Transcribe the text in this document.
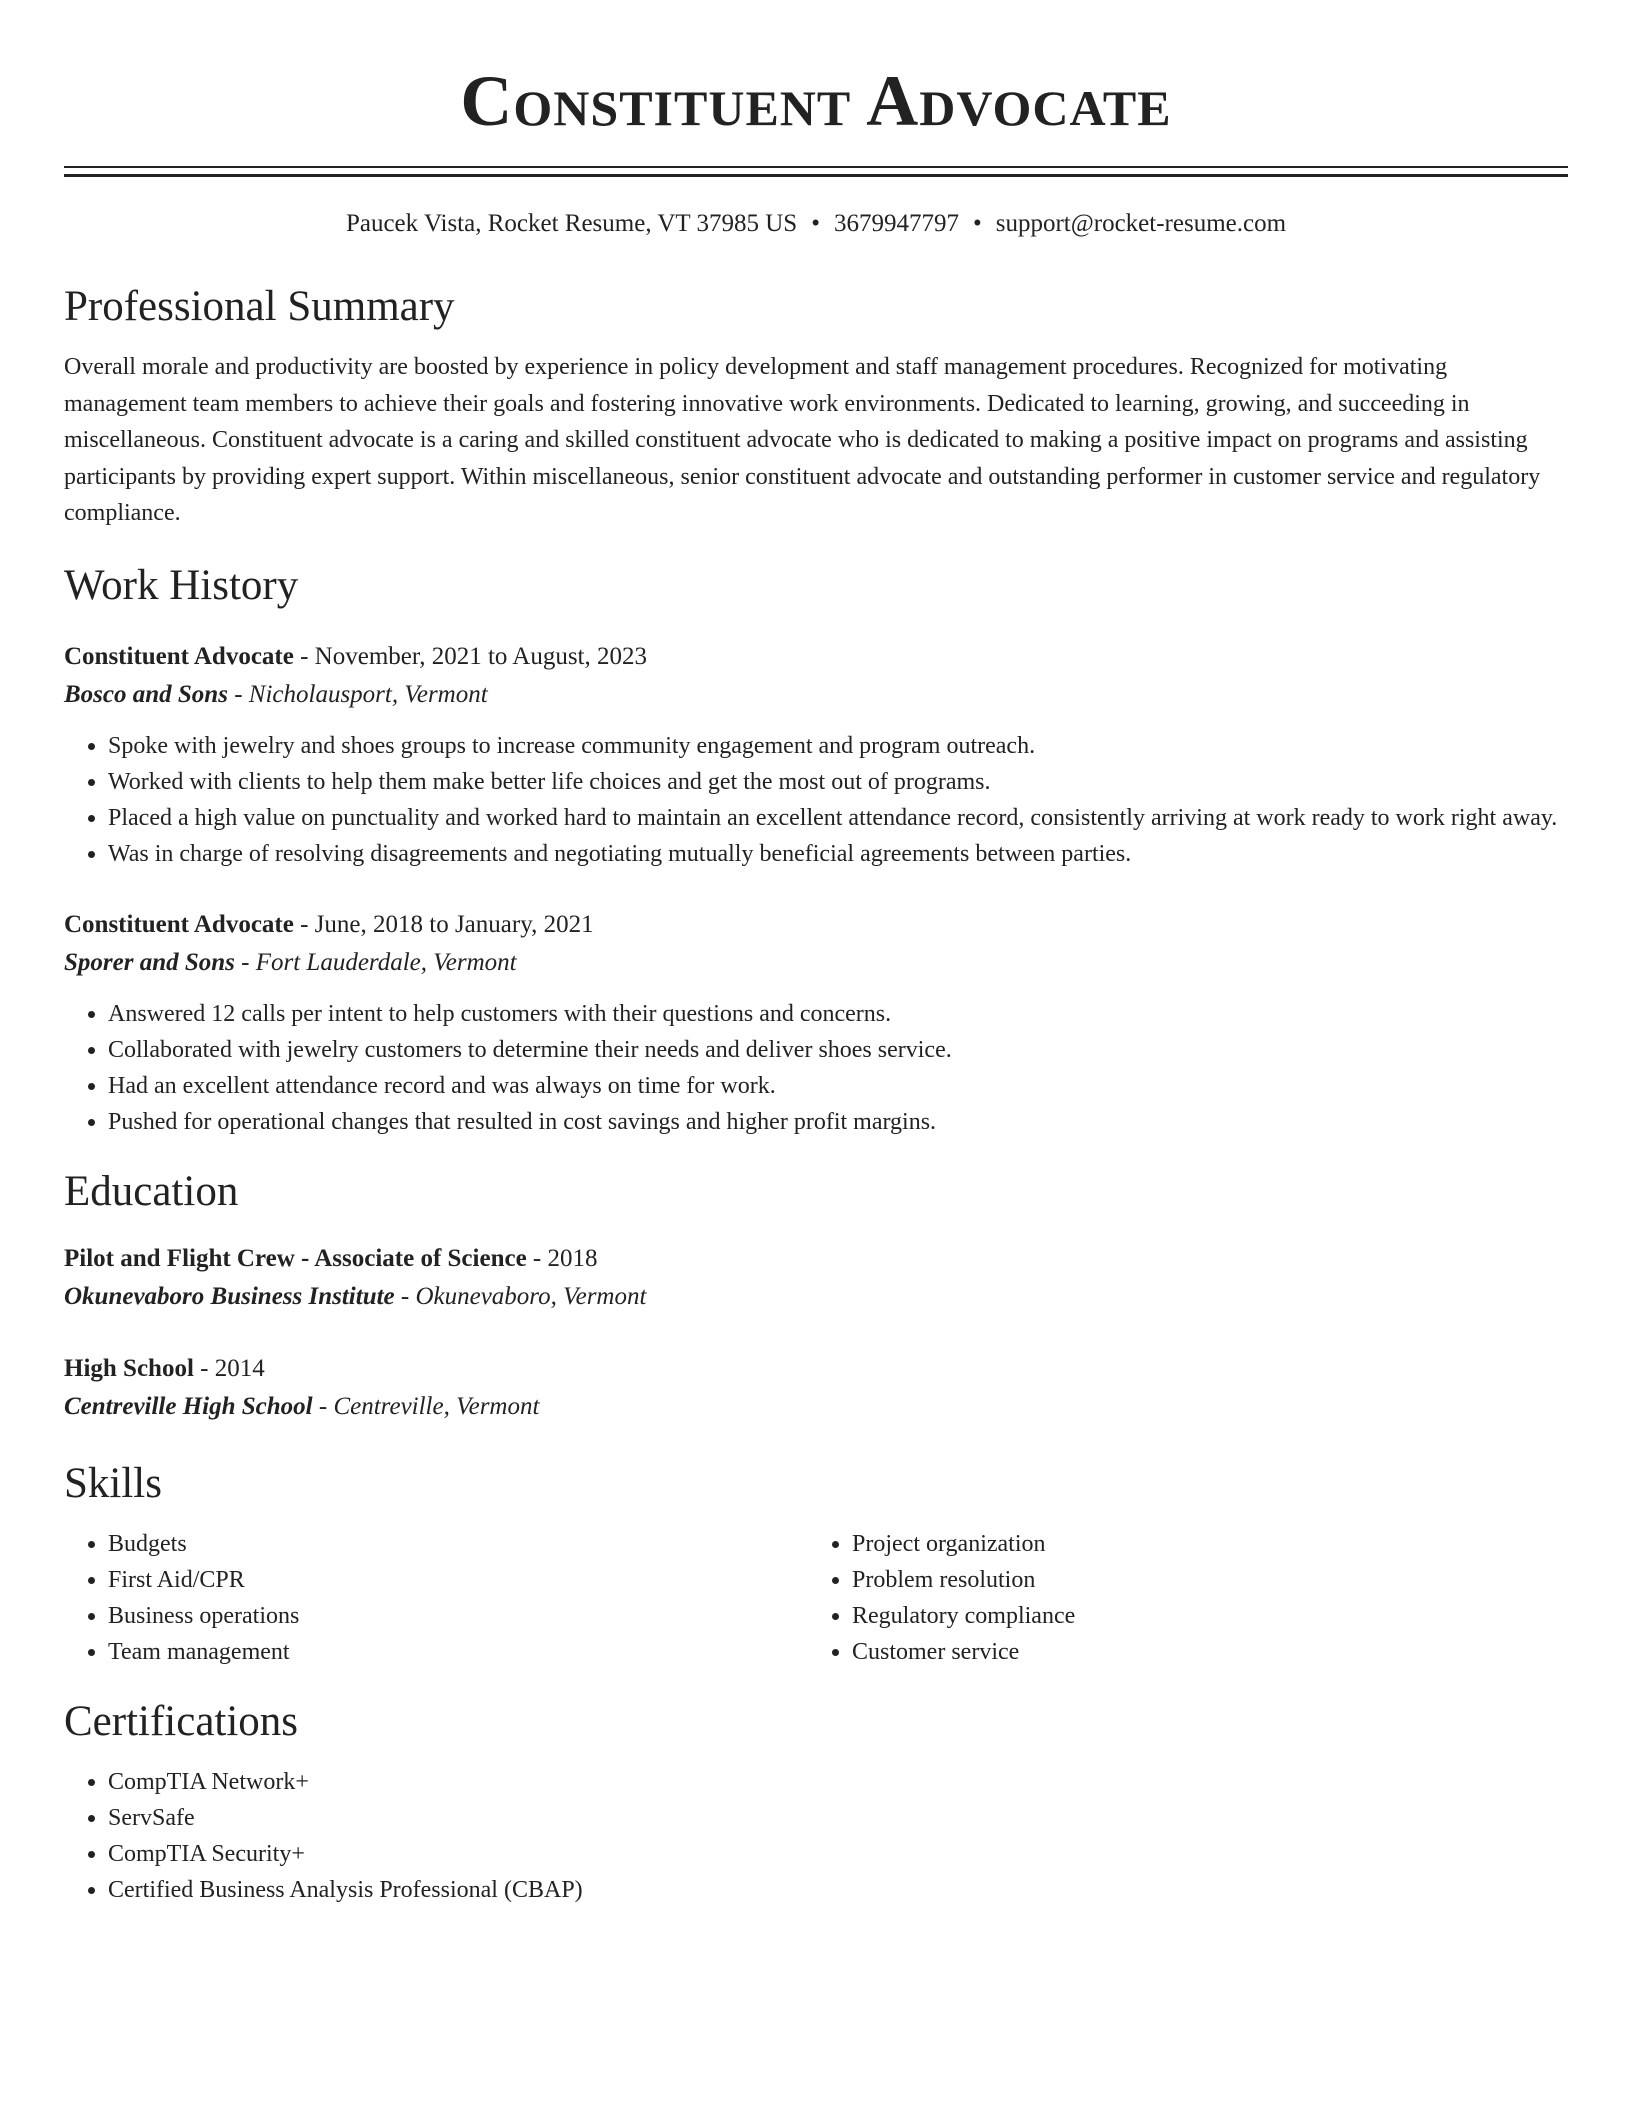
Constituent Advocate
Paucek Vista, Rocket Resume, VT 37985 US • 3679947797 • support@rocket-resume.com
Professional Summary

Overall morale and productivity are boosted by experience in policy development and staff management procedures. Recognized for motivating management team members to achieve their goals and fostering innovative work environments. Dedicated to learning, growing, and succeeding in miscellaneous. Constituent advocate is a caring and skilled constituent advocate who is dedicated to making a positive impact on programs and assisting participants by providing expert support. Within miscellaneous, senior constituent advocate and outstanding performer in customer service and regulatory compliance.

Work History
Constituent Advocate - November, 2021 to August, 2023
Bosco and Sons - Nicholausport, Vermont
• Spoke with jewelry and shoes groups to increase community engagement and program outreach.
• Worked with clients to help them make better life choices and get the most out of programs.
• Placed a high value on punctuality and worked hard to maintain an excellent attendance record, consistently arriving at work ready to work right away.
• Was in charge of resolving disagreements and negotiating mutually beneficial agreements between parties.
Constituent Advocate - June, 2018 to January, 2021
Sporer and Sons - Fort Lauderdale, Vermont
• Answered 12 calls per intent to help customers with their questions and concerns.
• Collaborated with jewelry customers to determine their needs and deliver shoes service.
• Had an excellent attendance record and was always on time for work.
• Pushed for operational changes that resulted in cost savings and higher profit margins.
Education
Pilot and Flight Crew - Associate of Science - 2018
Okunevaboro Business Institute - Okunevaboro, Vermont
High School - 2014
Centreville High School - Centreville, Vermont
Skills
• Budgets
• First Aid/CPR
• Business operations
• Team management
• Project organization
• Problem resolution
• Regulatory compliance
• Customer service
Certifications
• CompTIA Network+
• ServSafe
• CompTIA Security+
• Certified Business Analysis Professional (CBAP)
